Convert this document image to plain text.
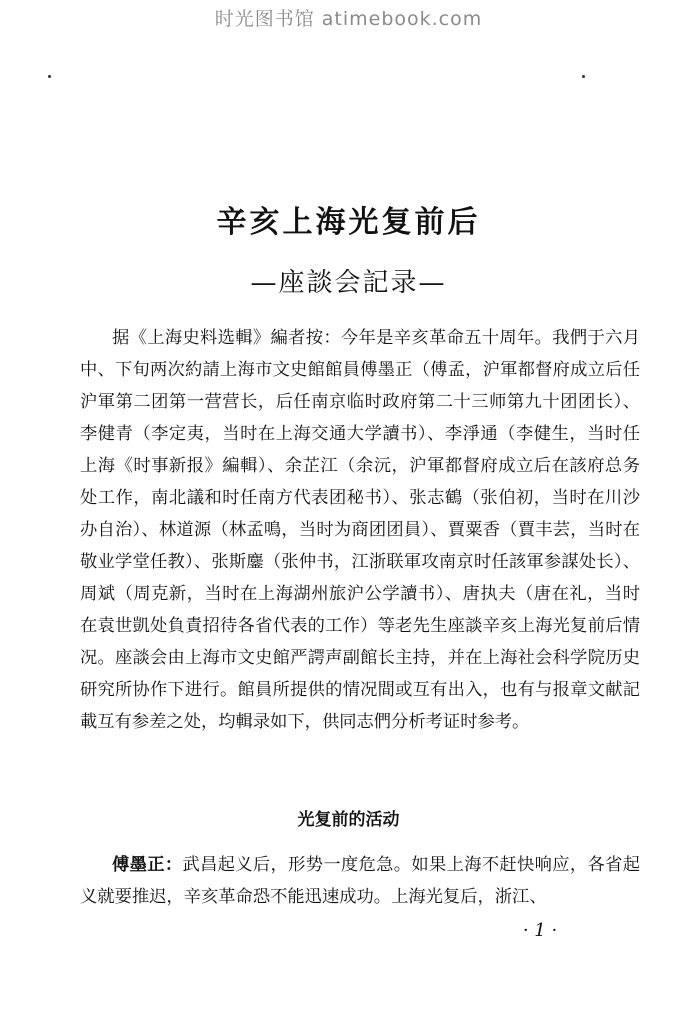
时光图书馆 atimebook.com
辛亥上海光复前后
—座談会記录—
据《上海史料选輯》編者按：今年是辛亥革命五十周年。我們于六月中、下旬两次約請上海市文史館館員傅墨正（傅孟，沪軍都督府成立后任沪軍第二团第一营营长，后任南京临时政府第二十三师第九十团团长）、李健青（李定夷，当时在上海交通大学讀书）、李淨通（李健生，当时任上海《时事新报》編輯）、余芷江（余沅，沪軍都督府成立后在該府总务处工作，南北議和时任南方代表团秘书）、张志鶴（张伯初，当时在川沙办自治）、林道源（林孟鳴，当时为商团团員）、賈粟香（賈丰芸，当时在敬业学堂任教）、张斯鏖（张仲书，江浙联軍攻南京时任該軍参謀处长）、周斌（周克新，当时在上海湖州旅沪公学讀书）、唐执夫（唐在礼，当时在袁世凱处負責招待各省代表的工作）等老先生座談辛亥上海光复前后情况。座談会由上海市文史館严諤声副館长主持，并在上海社会科学院历史研究所协作下进行。館員所提供的情况間或互有出入，也有与报章文献記載互有参差之处，均輯录如下，供同志們分析考证时参考。
光复前的活动
傅墨正：武昌起义后，形势一度危急。如果上海不赶快响应，各省起义就要推迟，辛亥革命恐不能迅速成功。上海光复后，浙江、
· 1 ·
